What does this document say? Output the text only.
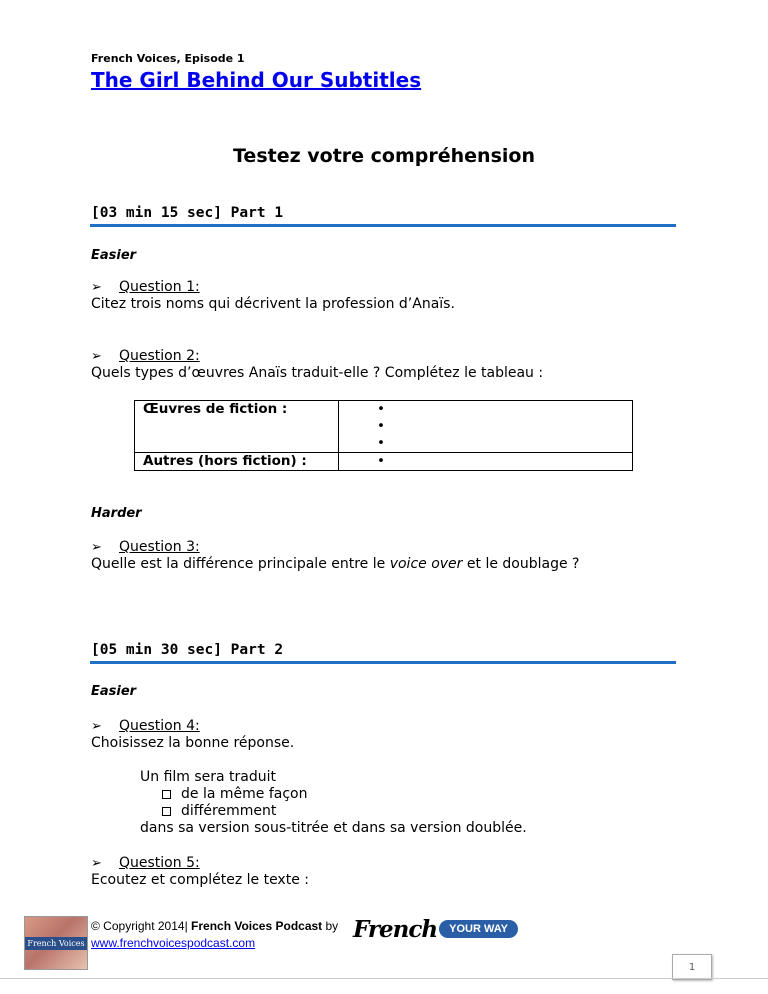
French Voices, Episode 1
The Girl Behind Our Subtitles
Testez votre compréhension
[03 min 15 sec] Part 1
Easier
➢ Question 1:
Citez trois noms qui décrivent la profession d’Anaïs.
➢ Question 2:
Quels types d’œuvres Anaïs traduit-elle ? Complétez le tableau :
Œuvres de fiction :	•
•
•

Autres (hors fiction) :	•
Harder
➢ Question 3:
Quelle est la différence principale entre le voice over et le doublage ?
[05 min 30 sec] Part 2
Easier
➢ Question 4:
Choisissez la bonne réponse.
Un film sera traduit
de la même façon
différemment
dans sa version sous-titrée et dans sa version doublée.
➢ Question 5:
Ecoutez et complétez le texte :
French Voices
© Copyright 2014| French Voices Podcast by French	YOUR WAY
www.frenchvoicespodcast.com
1
